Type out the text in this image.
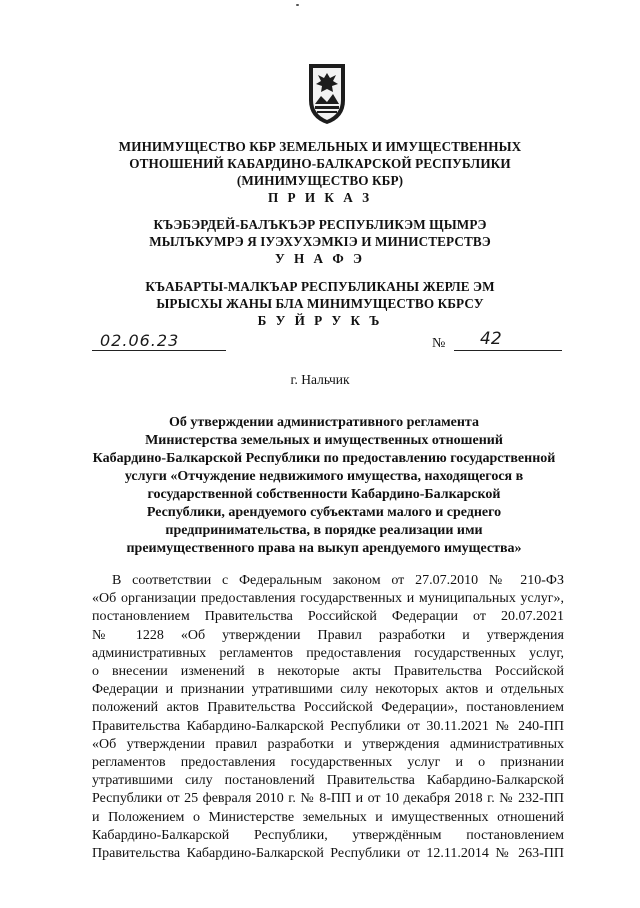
МИНИМУЩЕСТВО КБР ЗЕМЕЛЬНЫХ И ИМУЩЕСТВЕННЫХ
ОТНОШЕНИЙ КАБАРДИНО-БАЛКАРСКОЙ РЕСПУБЛИКИ
(МИНИМУЩЕСТВО КБР)
П Р И К А З
КЪЭБЭРДЕЙ-БАЛЪКЪЭР РЕСПУБЛИКЭМ ЩЫМРЭ
МЫЛЪКУМРЭ Я IУЭХУХЭМКIЭ И МИНИСТЕРСТВЭ
У Н А Ф Э
КЪАБАРТЫ-МАЛКЪАР РЕСПУБЛИКАНЫ ЖЕРЛЕ ЭМ
ЫРЫСХЫ ЖАНЫ БЛА МИНИМУЩЕСТВО КБРСУ
Б У Й Р У К Ъ
02.06.23	№ 42
г. Нальчик
Об утверждении административного регламента
Министерства земельных и имущественных отношений
Кабардино-Балкарской Республики по предоставлению государственной
услуги «Отчуждение недвижимого имущества, находящегося в
государственной собственности Кабардино-Балкарской
Республики, арендуемого субъектами малого и среднего
предпринимательства, в порядке реализации ими
преимущественного права на выкуп арендуемого имущества»
В соответствии с Федеральным законом от 27.07.2010 № 210-ФЗ
«Об организации предоставления государственных и муниципальных услуг»,
постановлением Правительства Российской Федерации от 20.07.2021
№ 1228 «Об утверждении Правил разработки и утверждения
административных регламентов предоставления государственных услуг,
о внесении изменений в некоторые акты Правительства Российской
Федерации и признании утратившими силу некоторых актов и отдельных
положений актов Правительства Российской Федерации», постановлением
Правительства Кабардино-Балкарской Республики от 30.11.2021 № 240-ПП
«Об утверждении правил разработки и утверждения административных
регламентов предоставления государственных услуг и о признании
утратившими силу постановлений Правительства Кабардино-Балкарской
Республики от 25 февраля 2010 г. № 8-ПП и от 10 декабря 2018 г. № 232-ПП
и Положением о Министерстве земельных и имущественных отношений
Кабардино-Балкарской Республики, утверждённым постановлением
Правительства Кабардино-Балкарской Республики от 12.11.2014 № 263-ПП
